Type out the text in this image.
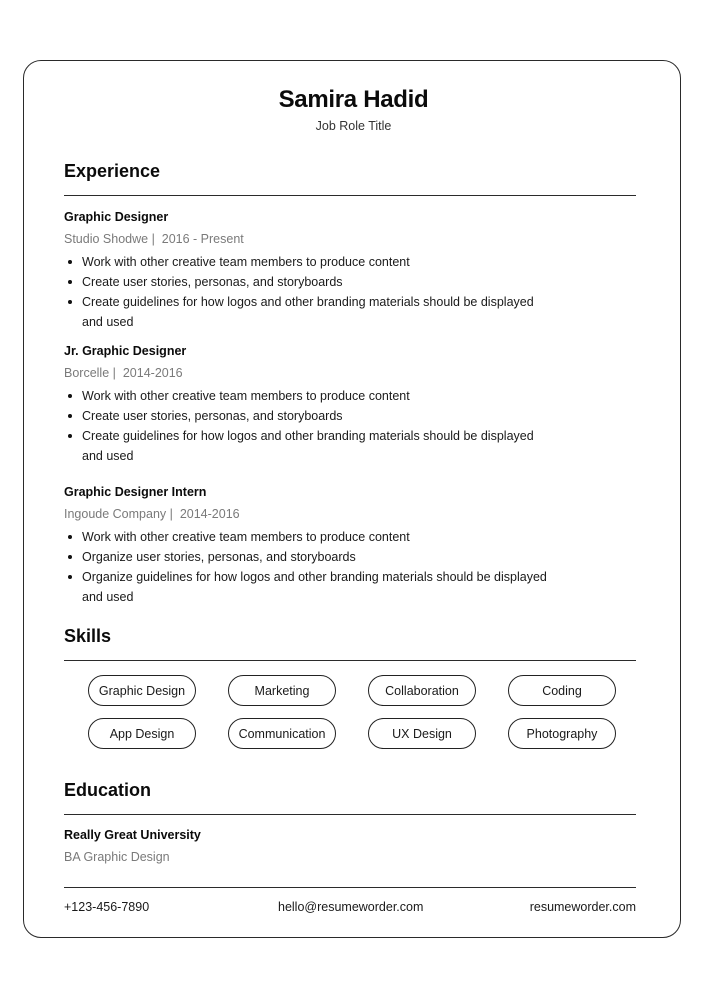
Samira Hadid
Job Role Title
Experience
Graphic Designer
Studio Shodwe |  2016 - Present
Work with other creative team members to produce content
Create user stories, personas, and storyboards
Create guidelines for how logos and other branding materials should be displayed and used
Jr. Graphic Designer
Borcelle |  2014-2016
Work with other creative team members to produce content
Create user stories, personas, and storyboards
Create guidelines for how logos and other branding materials should be displayed and used
Graphic Designer Intern
Ingoude Company |  2014-2016
Work with other creative team members to produce content
Organize user stories, personas, and storyboards
Organize guidelines for how logos and other branding materials should be displayed and used
Skills
Graphic Design	Marketing	Collaboration	Coding
App Design	Communication	UX Design	Photography
Education
Really Great University
BA Graphic Design
+123-456-7890	hello@resumeworder.com	resumeworder.com
